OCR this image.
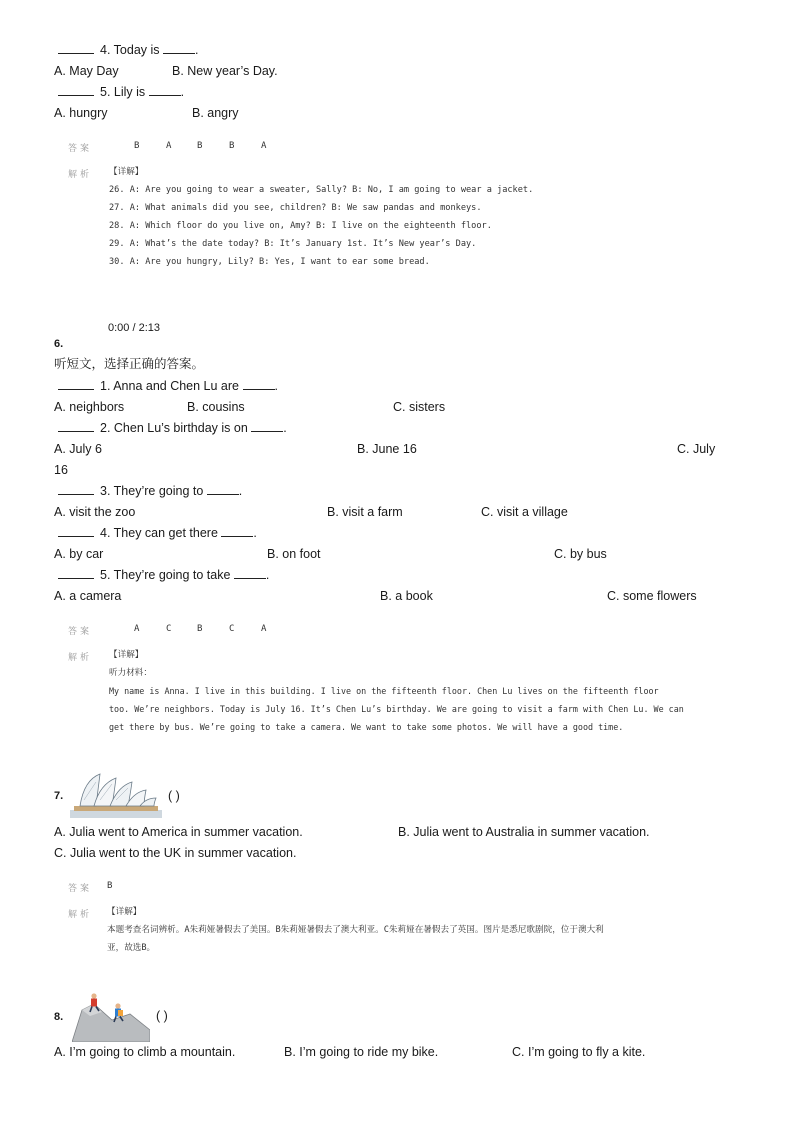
4. Today is	.
A. May Day	B. New year’s Day.
5. Lily is	.
A. hungry	B. angry
答案	B	A	B	B	A
解析 【详解】
26. A: Are you going to wear a sweater, Sally? B: No, I am going to wear a jacket.
27. A: What animals did you see, children? B: We saw pandas and monkeys.
28. A: Which floor do you live on, Amy? B: I live on the eighteenth floor.
29. A: What’s the date today? B: It’s January 1st. It’s New year’s Day.
30. A: Are you hungry, Lily? B: Yes, I want to ear some bread.
0:00 / 2:13
6.
听短文，选择正确的答案。
1. Anna and Chen Lu are	.
A. neighbors	B. cousins	C. sisters
2. Chen Lu’s birthday is on	.
A. July 6	B. June 16	C. July
16
3. They’re going to	.
A. visit the zoo	B. visit a farm	C. visit a village
4. They can get there	.
A. by car	B. on foot	C. by bus
5. They’re going to take	.
A. a camera	B. a book	C. some flowers
答案	A	C	B	C	A
解析 【详解】
听力材料：
My name is Anna. I live in this building. I live on the fifteenth floor. Chen Lu lives on the fifteenth floor
too. We’re neighbors. Today is July 16. It’s Chen Lu’s birthday. We are going to visit a farm with Chen Lu. We can
get there by bus. We’re going to take a camera. We want to take some photos. We will have a good time.
7.	( )
A. Julia went to America in summer vacation.	B. Julia went to Australia in summer vacation.
C. Julia went to the UK in summer vacation.
答案 B
解析 【详解】
本题考查名词辨析。A朱莉娅暑假去了美国。B朱莉娅暑假去了澳大利亚。C朱莉娅在暑假去了英国。图片是悉尼歌剧院，位于澳大利
亚，故选B。
8.	( )
A. I’m going to climb a mountain.	B. I’m going to ride my bike.	C. I’m going to fly a kite.
